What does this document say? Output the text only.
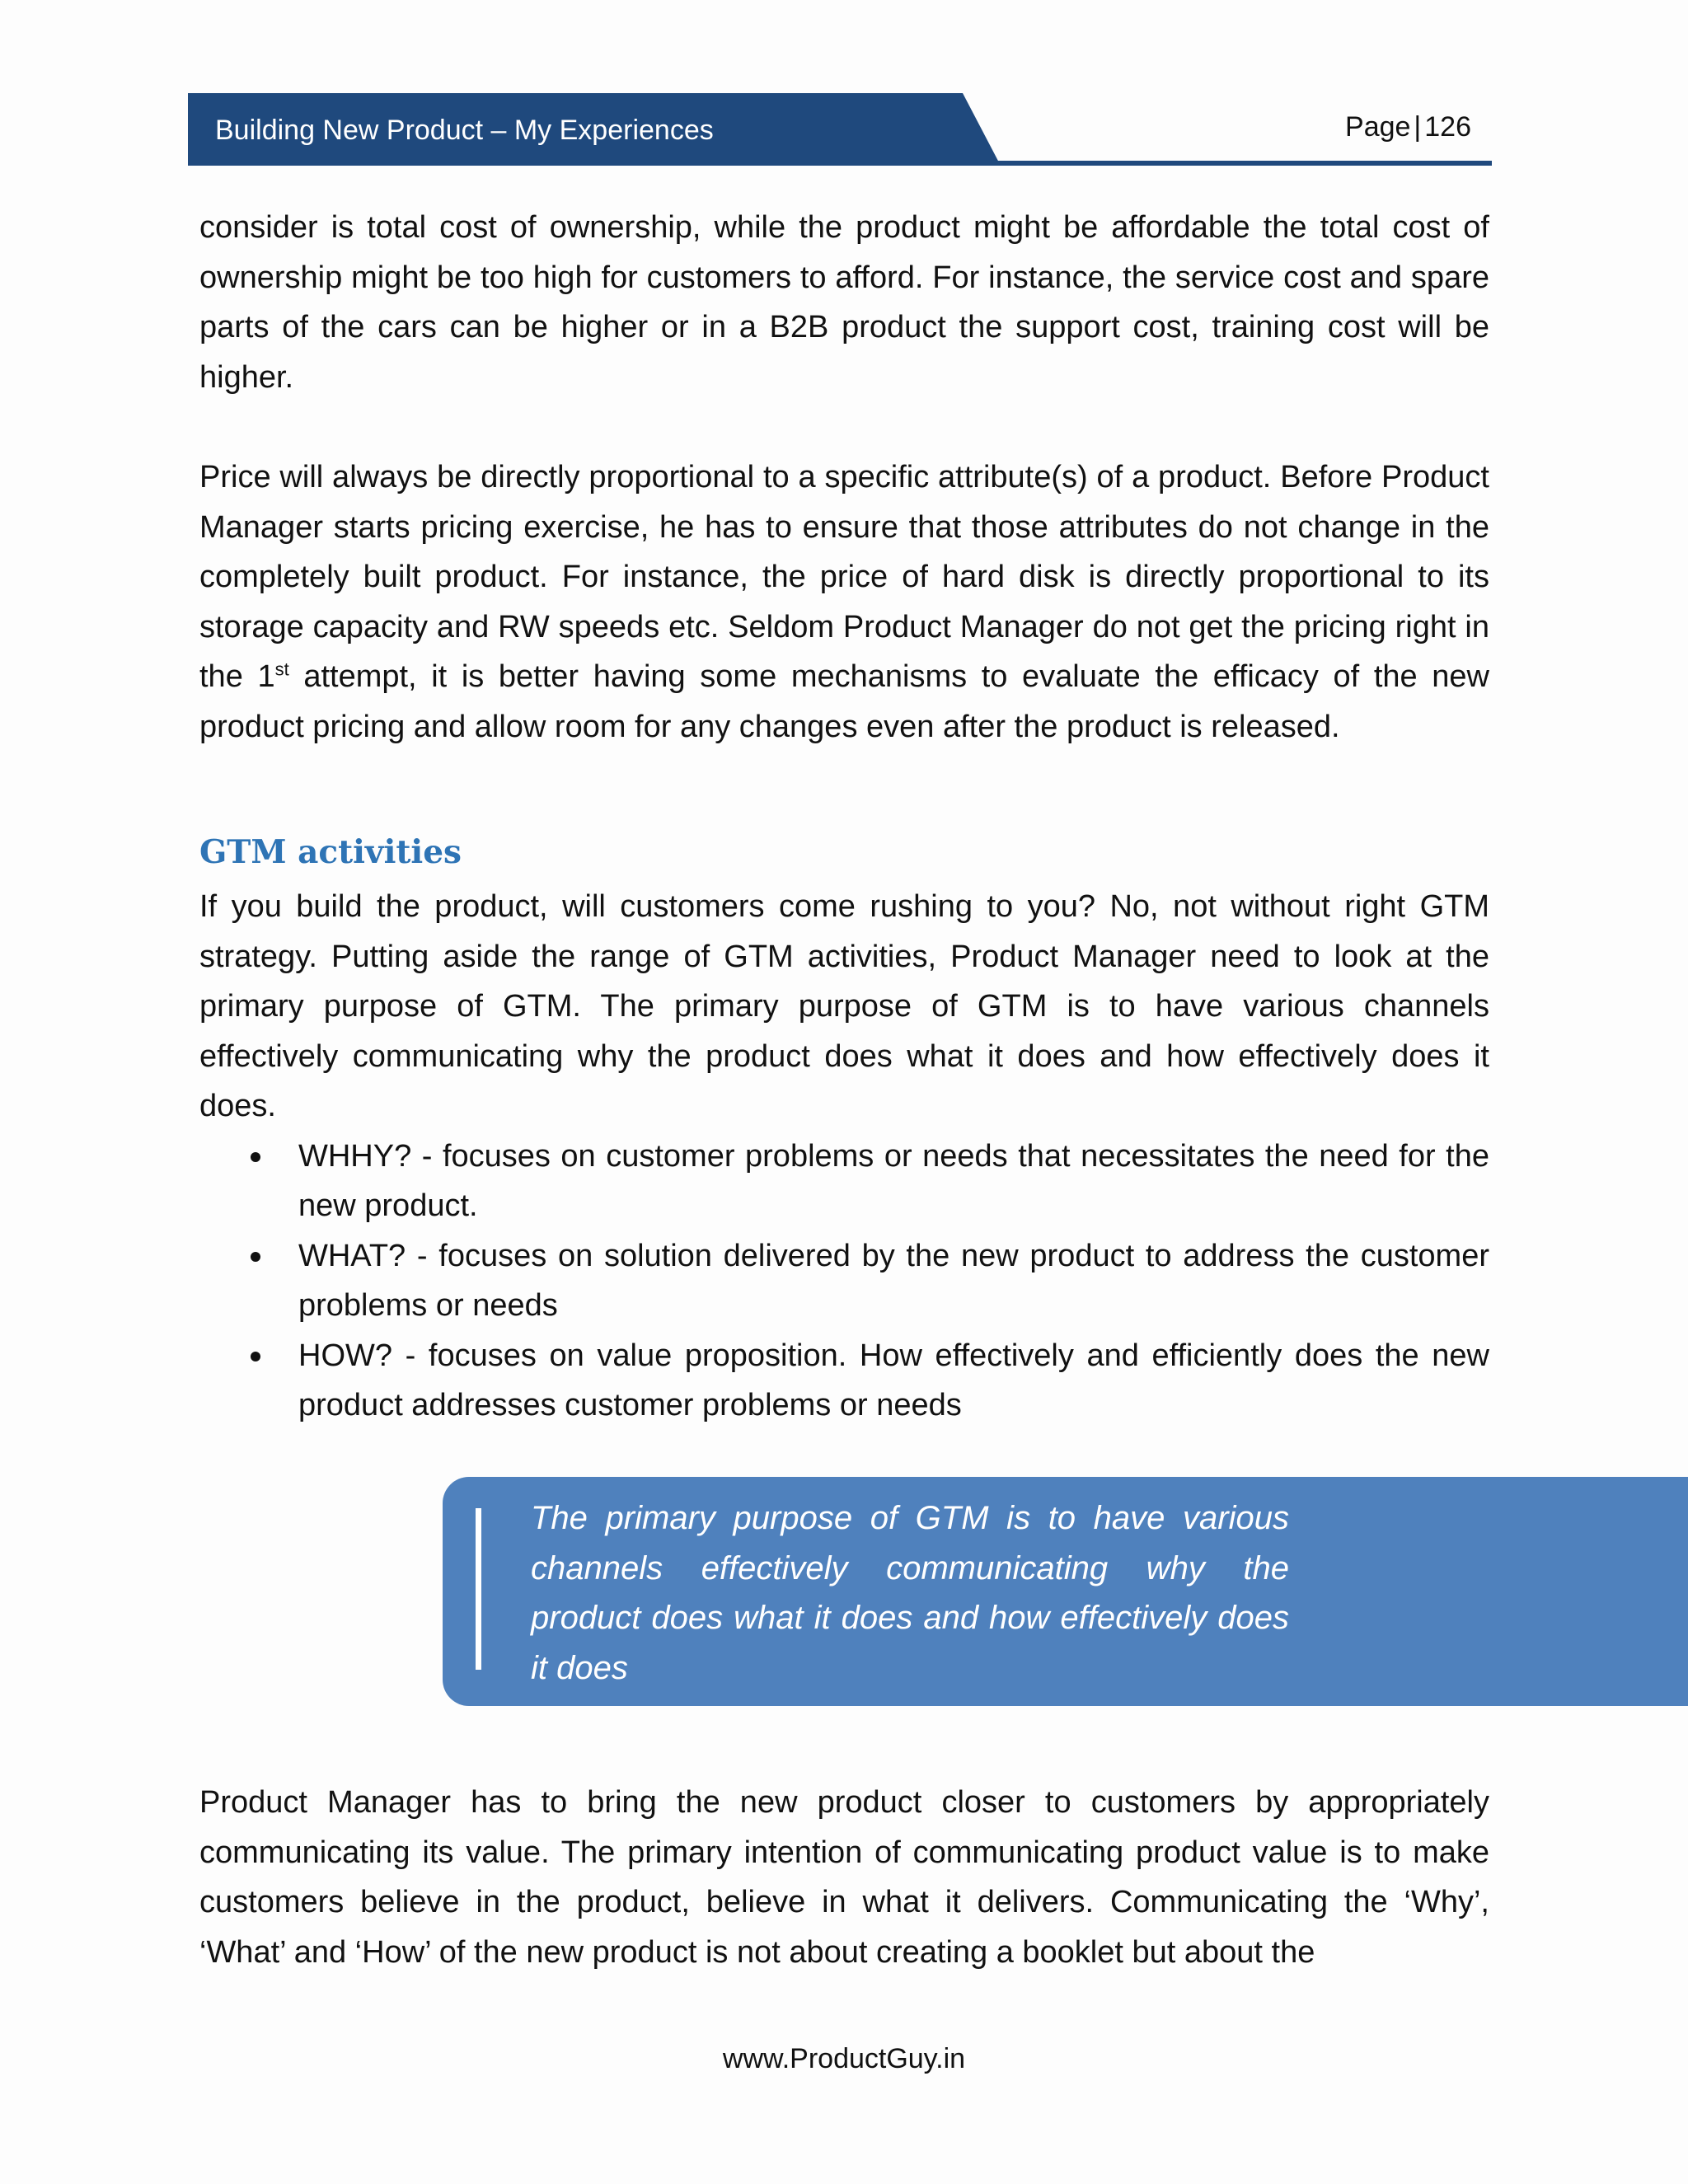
Building New Product – My Experiences	Page | 126

consider is total cost of ownership, while the product might be affordable the total cost of ownership might be too high for customers to afford. For instance, the service cost and spare parts of the cars can be higher or in a B2B product the support cost, training cost will be higher.

Price will always be directly proportional to a specific attribute(s) of a product. Before Product Manager starts pricing exercise, he has to ensure that those attributes do not change in the completely built product. For instance, the price of hard disk is directly proportional to its storage capacity and RW speeds etc. Seldom Product Manager do not get the pricing right in the 1st attempt, it is better having some mechanisms to evaluate the efficacy of the new product pricing and allow room for any changes even after the product is released.

GTM activities

If you build the product, will customers come rushing to you? No, not without right GTM strategy. Putting aside the range of GTM activities, Product Manager need to look at the primary purpose of GTM. The primary purpose of GTM is to have various channels effectively communicating why the product does what it does and how effectively does it does.

WHHY? - focuses on customer problems or needs that necessitates the need for the new product.
WHAT? - focuses on solution delivered by the new product to address the customer problems or needs
HOW? - focuses on value proposition. How effectively and efficiently does the new product addresses customer problems or needs
The primary purpose of GTM is to have various channels effectively communicating why the product does what it does and how effectively does it does

Product Manager has to bring the new product closer to customers by appropriately communicating its value. The primary intention of communicating product value is to make customers believe in the product, believe in what it delivers. Communicating the ‘Why’, ‘What’ and ‘How’ of the new product is not about creating a booklet but about the

www.ProductGuy.in
